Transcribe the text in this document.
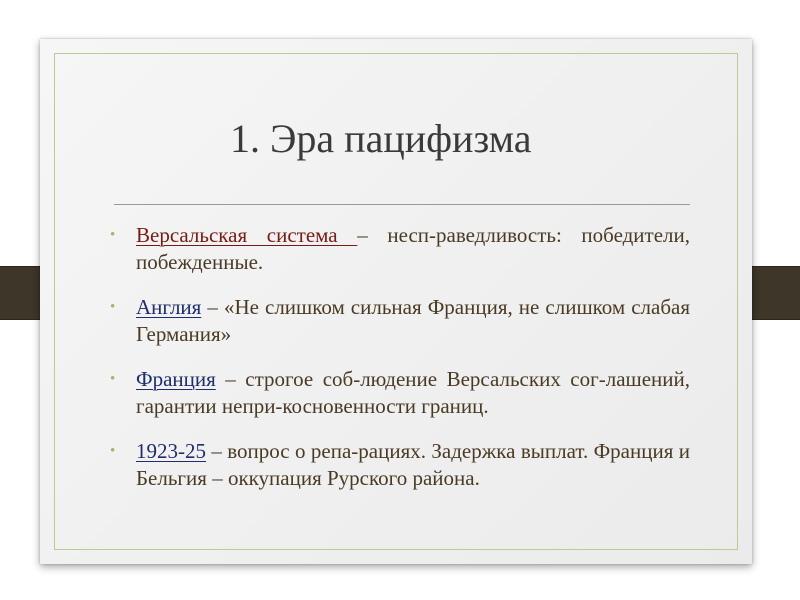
1. Эра пацифизма
• Версальская система – несп-раведливость: победители, побежденные.
• Англия – «Не слишком сильная Франция, не слишком слабая Германия»
• Франция – строгое соб-людение Версальских сог-лашений, гарантии непри-косновенности границ.
• 1923-25 – вопрос о репа-рациях. Задержка выплат. Франция и Бельгия – оккупация Рурского района.
